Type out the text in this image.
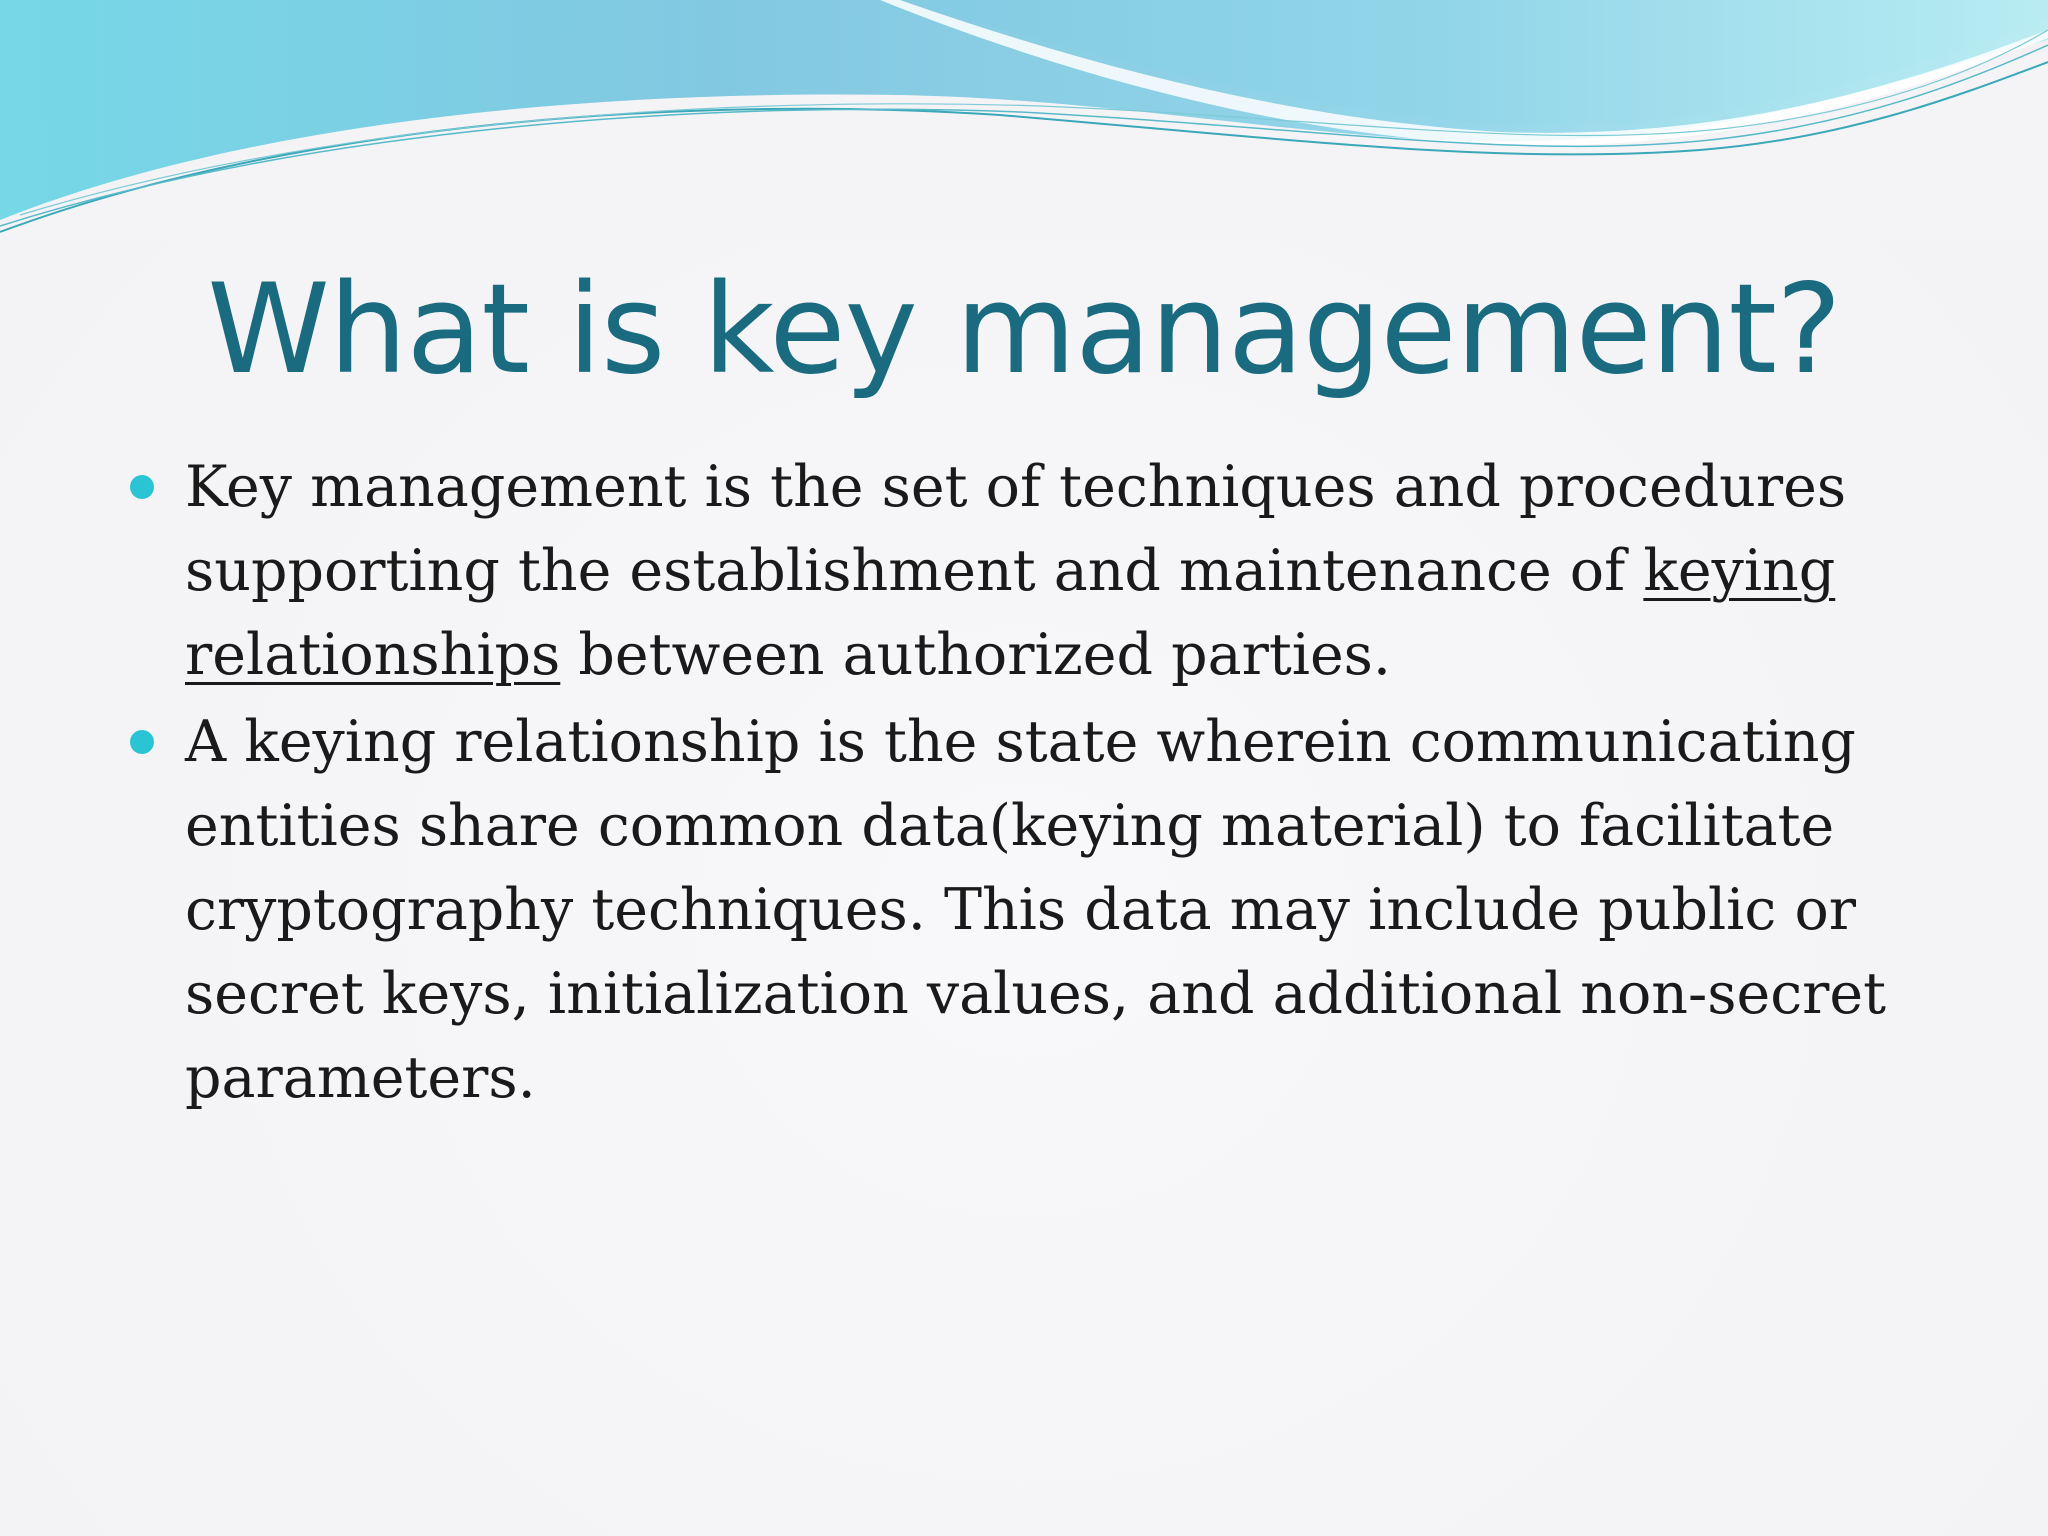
What is key management?
Key management is the set of techniques and procedures
supporting the establishment and maintenance of keying
relationships between authorized parties.
A keying relationship is the state wherein communicating
entities share common data(keying material) to facilitate
cryptography techniques. This data may include public or
secret keys, initialization values, and additional non-secret
parameters.
